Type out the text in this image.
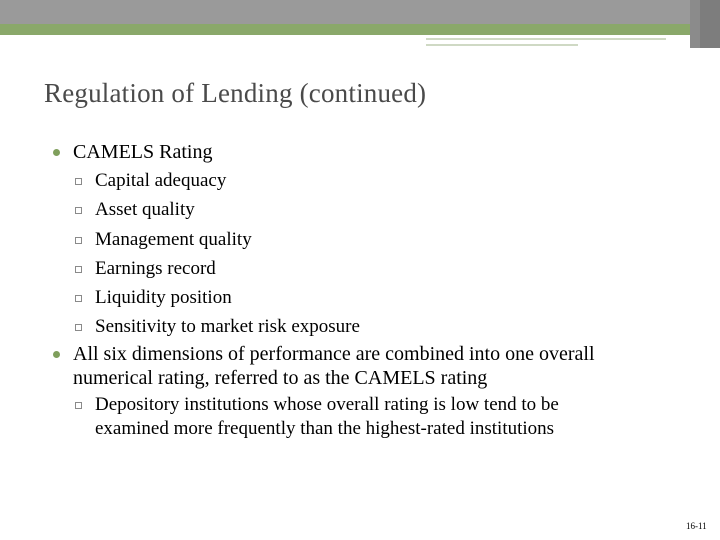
Regulation of Lending (continued)
CAMELS Rating
Capital adequacy
Asset quality
Management quality
Earnings record
Liquidity position
Sensitivity to market risk exposure
All six dimensions of performance are combined into one overall
numerical rating, referred to as the CAMELS rating
Depository institutions whose overall rating is low tend to be
examined more frequently than the highest-rated institutions
16-11
